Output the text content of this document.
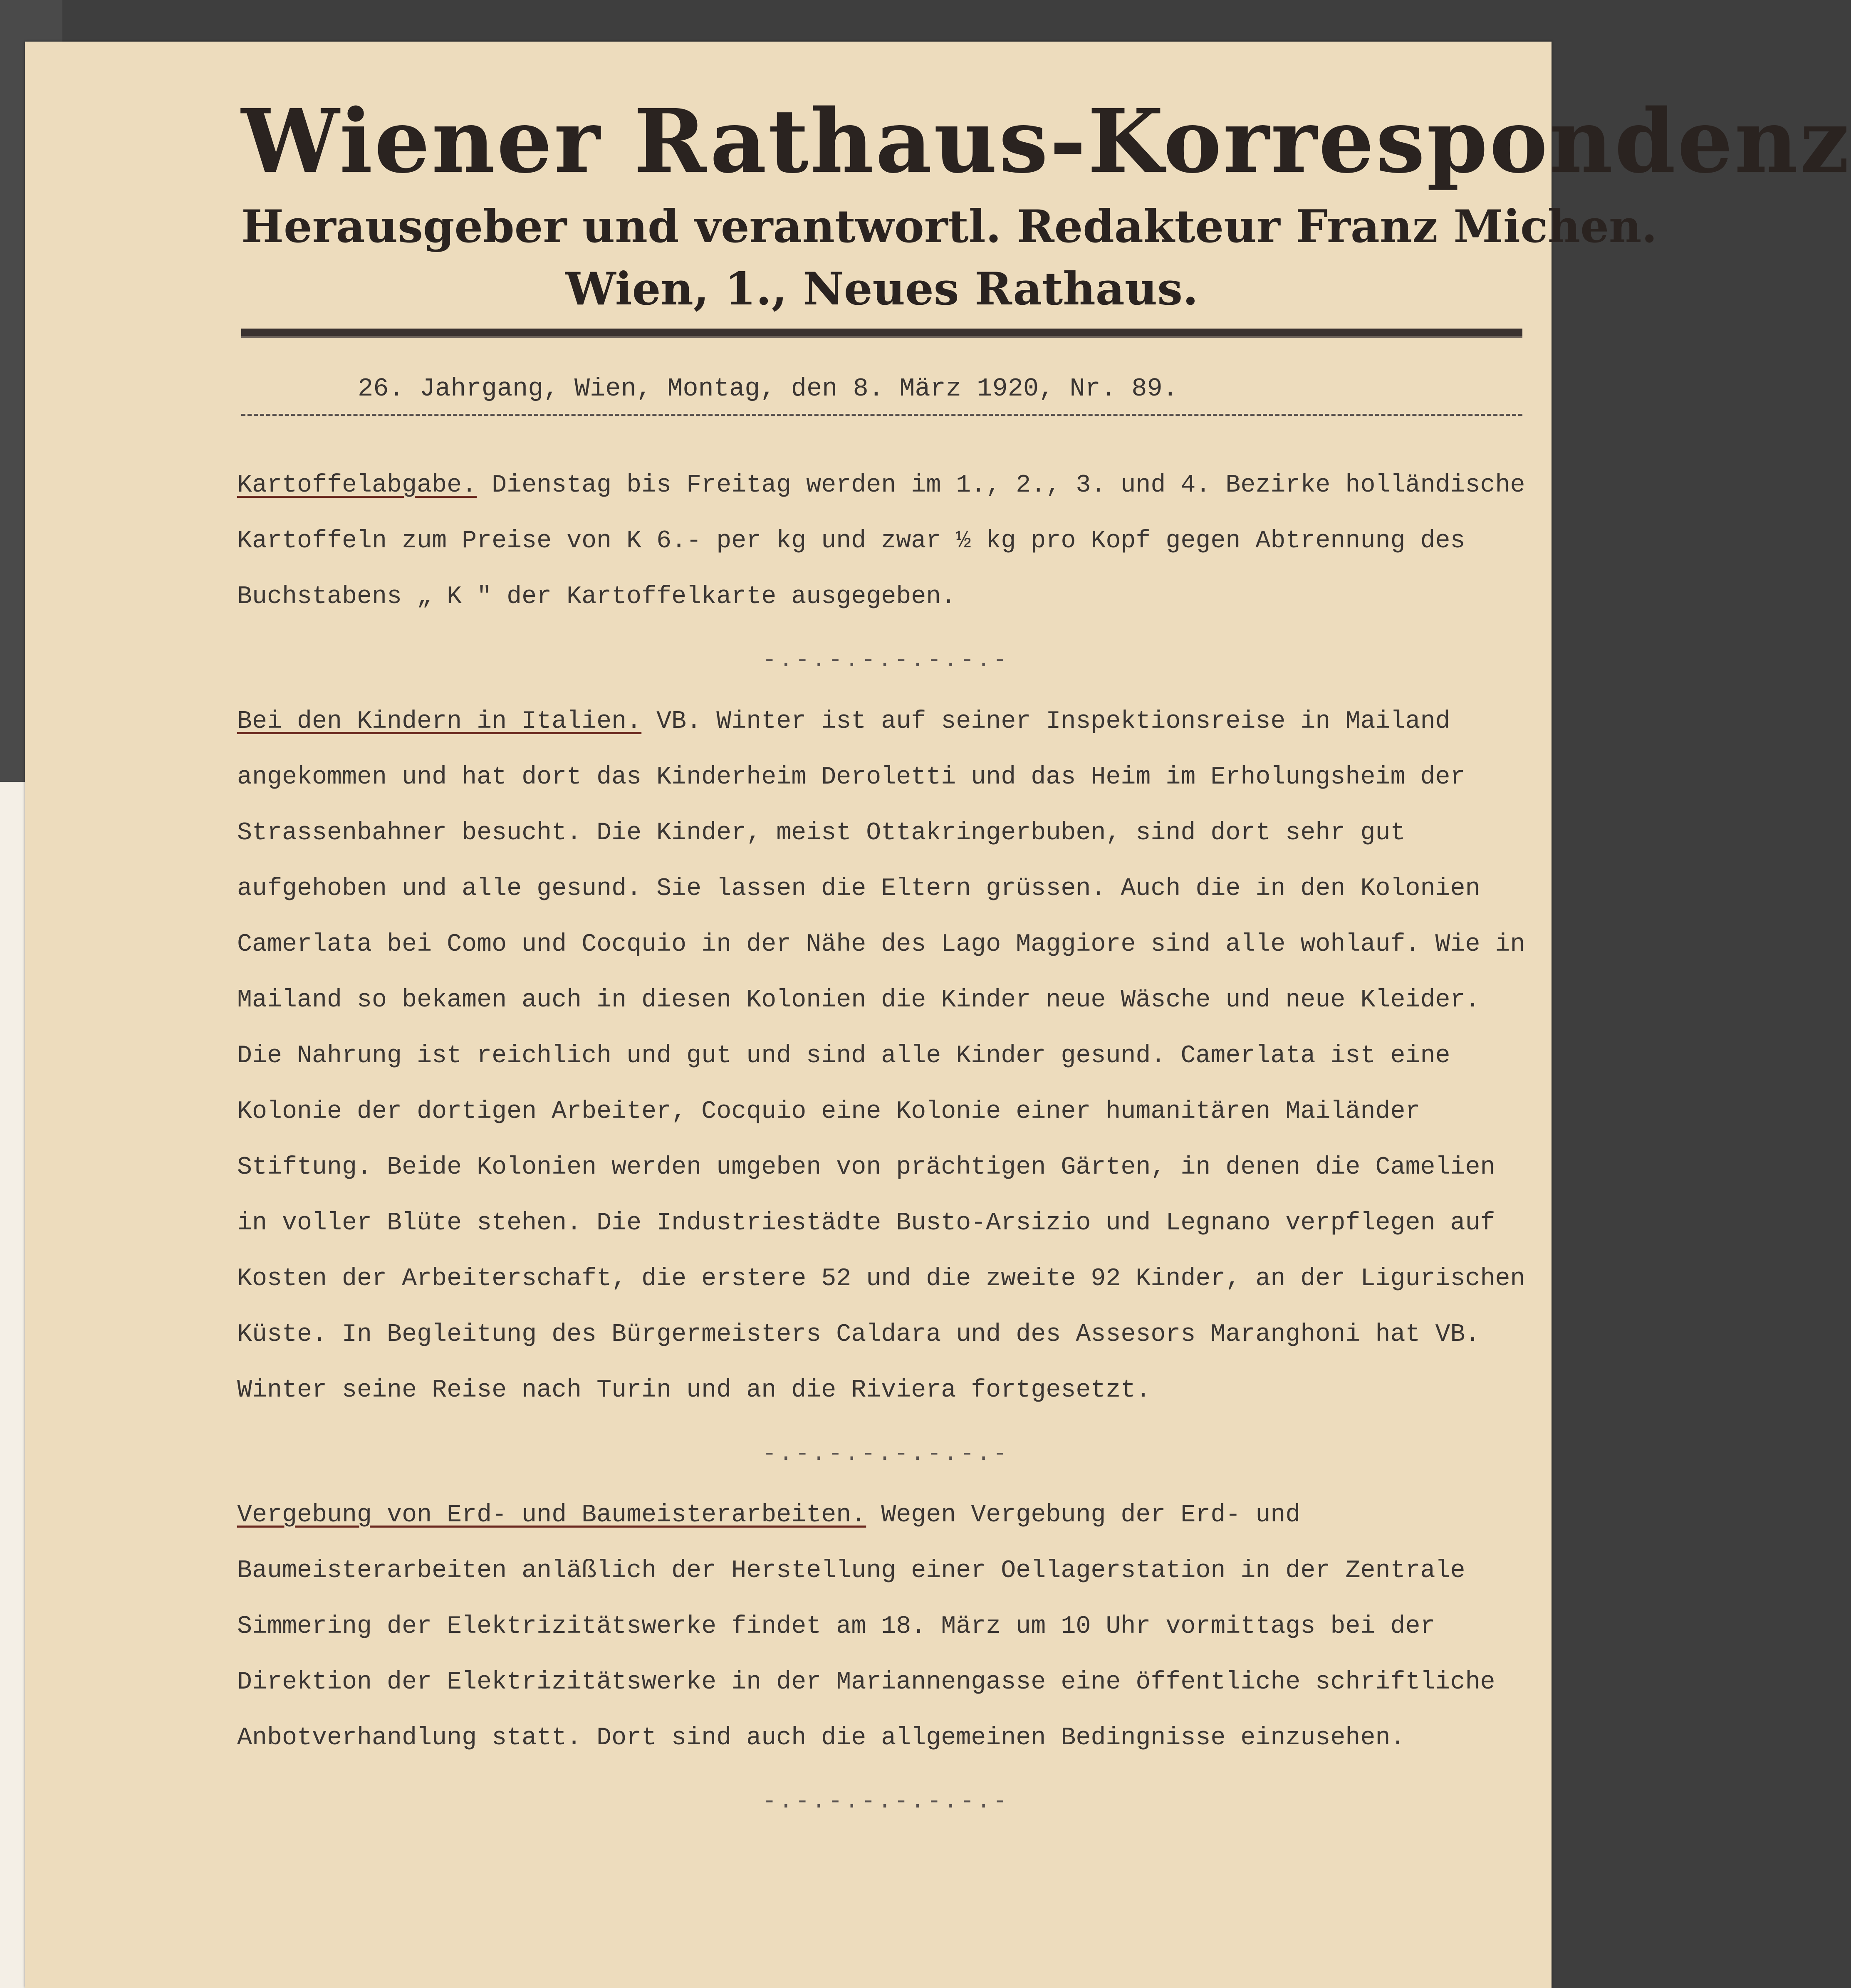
Wiener Rathaus-Korrespondenz
Herausgeber und verantwortl. Redakteur Franz Michen.
Wien, 1., Neues Rathaus.
26. Jahrgang, Wien, Montag, den 8. März 1920, Nr. 89.

Kartoffelabgabe. Dienstag bis Freitag werden im 1., 2., 3. und 4. Bezirke holländische Kartoffeln zum Preise von K 6.- per kg und zwar ½ kg pro Kopf gegen Abtrennung des Buchstabens „ K " der Kartoffelkarte ausgegeben.

-.-.-.-.-.-.-.-

Bei den Kindern in Italien. VB. Winter ist auf seiner Inspektionsreise in Mailand angekommen und hat dort das Kinderheim Deroletti und das Heim im Erholungsheim der Strassenbahner besucht. Die Kinder, meist Ottakringerbuben, sind dort sehr gut aufgehoben und alle gesund. Sie lassen die Eltern grüssen. Auch die in den Kolonien Camerlata bei Como und Cocquio in der Nähe des Lago Maggiore sind alle wohlauf. Wie in Mailand so bekamen auch in diesen Kolonien die Kinder neue Wäsche und neue Kleider. Die Nahrung ist reichlich und gut und sind alle Kinder gesund. Camerlata ist eine Kolonie der dortigen Arbeiter, Cocquio eine Kolonie einer humanitären Mailänder Stiftung. Beide Kolonien werden umgeben von prächtigen Gärten, in denen die Camelien in voller Blüte stehen. Die Industriestädte Busto-Arsizio und Legnano verpflegen auf Kosten der Arbeiterschaft, die erstere 52 und die zweite 92 Kinder, an der Ligurischen Küste. In Begleitung des Bürgermeisters Caldara und des Assesors Maranghoni hat VB. Winter seine Reise nach Turin und an die Riviera fortgesetzt.

-.-.-.-.-.-.-.-

Vergebung von Erd- und Baumeisterarbeiten. Wegen Vergebung der Erd- und Baumeisterarbeiten anläßlich der Herstellung einer Oellagerstation in der Zentrale Simmering der Elektrizitätswerke findet am 18. März um 10 Uhr vormittags bei der Direktion der Elektrizitätswerke in der Mariannengasse eine öffentliche schriftliche Anbotverhandlung statt. Dort sind auch die allgemeinen Bedingnisse einzusehen.

-.-.-.-.-.-.-.-
